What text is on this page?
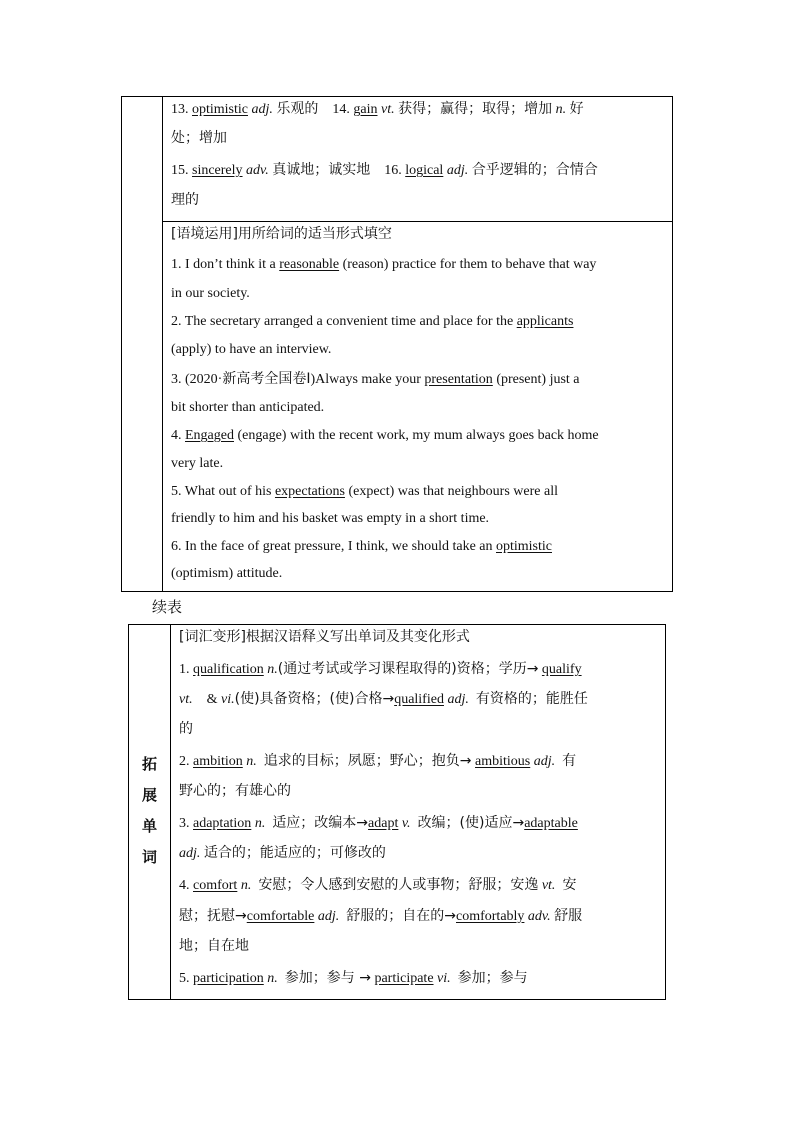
13. optimistic adj. 乐观的 14. gain vt. 获得；赢得；取得；增加 n. 好
处；增加
15. sincerely adv. 真诚地；诚实地 16. logical adj. 合乎逻辑的；合情合
理的
[语境运用]用所给词的适当形式填空
1. I don’t think it a reasonable (reason) practice for them to behave that way
in our society.
2. The secretary arranged a convenient time and place for the applicants
(apply) to have an interview.
3. (2020·新高考全国卷Ⅰ)Always make your presentation (present) just a
bit shorter than anticipated.
4. Engaged (engage) with the recent work, my mum always goes back home
very late.
5. What out of his expectations (expect) was that neighbours were all
friendly to him and his basket was empty in a short time.
6. In the face of great pressure, I think, we should take an optimistic
(optimism) attitude.
续表
拓
展
单
词
[词汇变形]根据汉语释义写出单词及其变化形式
1. qualification n.(通过考试或学习课程取得的)资格；学历→ qualify
vt. & vi.(使)具备资格；(使)合格→qualified adj. 有资格的；能胜任
的
2. ambition n. 追求的目标；夙愿；野心；抱负→ ambitious adj. 有
野心的；有雄心的
3. adaptation n. 适应；改编本→adapt v. 改编；(使)适应→adaptable
adj. 适合的；能适应的；可修改的
4. comfort n. 安慰；令人感到安慰的人或事物；舒服；安逸 vt. 安
慰；抚慰→comfortable adj. 舒服的；自在的→comfortably adv. 舒服
地；自在地
5. participation n. 参加；参与 → participate vi. 参加；参与
